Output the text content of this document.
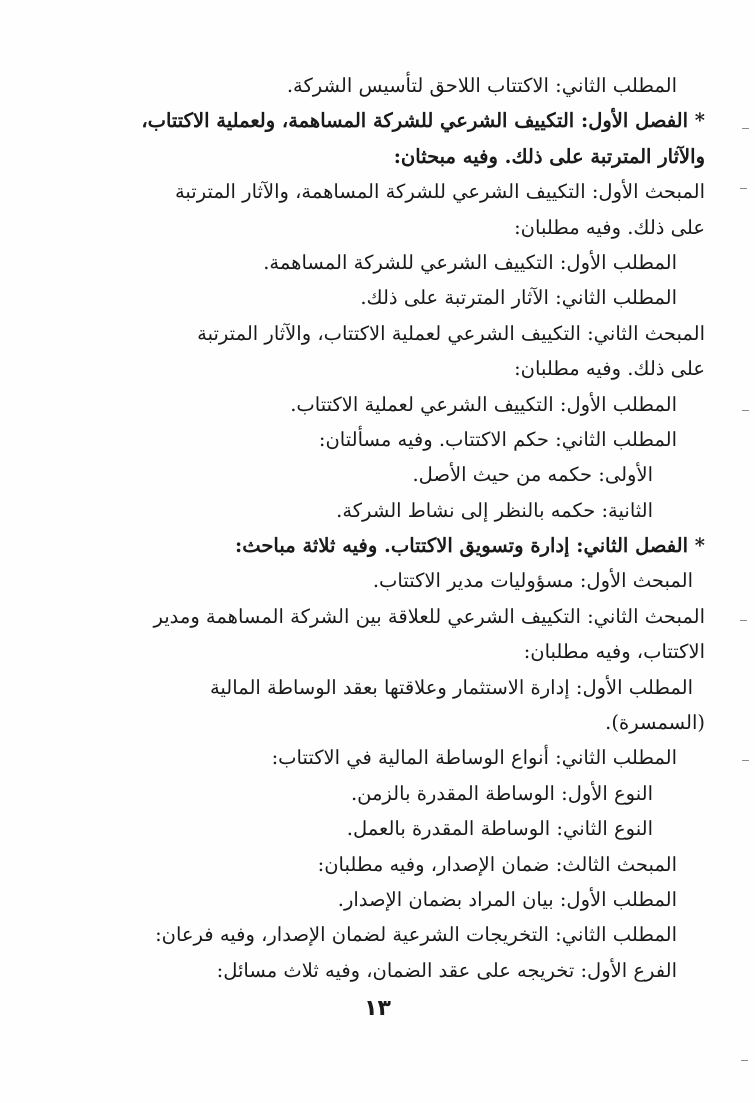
المطلب الثاني: الاكتتاب اللاحق لتأسيس الشركة.
* الفصل الأول: التكييف الشرعي للشركة المساهمة، ولعملية الاكتتاب،
والآثار المترتبة على ذلك. وفيه مبحثان:
المبحث الأول: التكييف الشرعي للشركة المساهمة، والآثار المترتبة
على ذلك. وفيه مطلبان:
المطلب الأول: التكييف الشرعي للشركة المساهمة.
المطلب الثاني: الآثار المترتبة على ذلك.
المبحث الثاني: التكييف الشرعي لعملية الاكتتاب، والآثار المترتبة
على ذلك. وفيه مطلبان:
المطلب الأول: التكييف الشرعي لعملية الاكتتاب.
المطلب الثاني: حكم الاكتتاب. وفيه مسألتان:
الأولى: حكمه من حيث الأصل.
الثانية: حكمه بالنظر إلى نشاط الشركة.
* الفصل الثاني: إدارة وتسويق الاكتتاب. وفيه ثلاثة مباحث:
المبحث الأول: مسؤوليات مدير الاكتتاب.
المبحث الثاني: التكييف الشرعي للعلاقة بين الشركة المساهمة ومدير
الاكتتاب، وفيه مطلبان:
المطلب الأول: إدارة الاستثمار وعلاقتها بعقد الوساطة المالية
(السمسرة).
المطلب الثاني: أنواع الوساطة المالية في الاكتتاب:
النوع الأول: الوساطة المقدرة بالزمن.
النوع الثاني: الوساطة المقدرة بالعمل.
المبحث الثالث: ضمان الإصدار، وفيه مطلبان:
المطلب الأول: بيان المراد بضمان الإصدار.
المطلب الثاني: التخريجات الشرعية لضمان الإصدار، وفيه فرعان:
الفرع الأول: تخريجه على عقد الضمان، وفيه ثلاث مسائل:
١٣
